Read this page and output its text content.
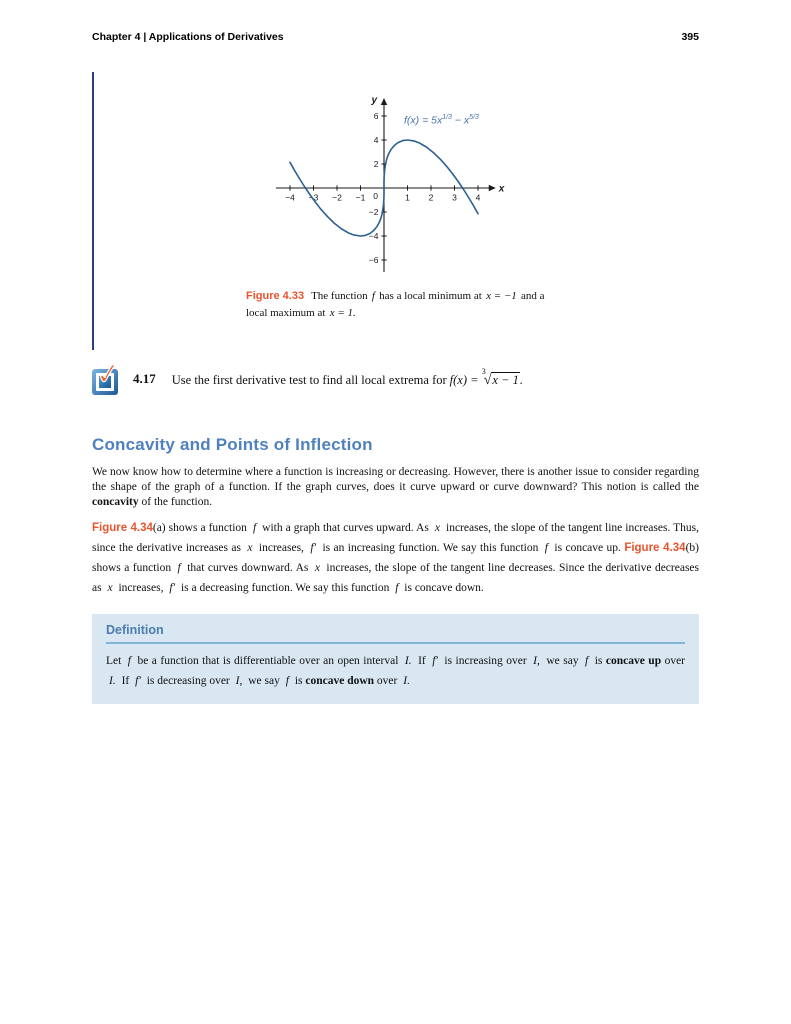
Chapter 4 | Applications of Derivatives	395
−4 −3 −2 −1	1 2 3 4
−6
−4
−2
2
4
6
0
x
y
$f(x) = 5x^{1/3} - x^{5/3}$
Figure 4.33 The function f has a local minimum at x = −1 and a local maximum at x = 1.
✓ 4.17 Use the first derivative test to find all local extrema for f(x) = $^3$√x − 1.
Concavity and Points of Inflection

We now know how to determine where a function is increasing or decreasing. However, there is another issue to consider regarding the shape of the graph of a function. If the graph curves, does it curve upward or curve downward? This notion is called the concavity of the function.

Figure 4.34(a) shows a function f with a graph that curves upward. As x increases, the slope of the tangent line increases. Thus, since the derivative increases as x increases, f′ is an increasing function. We say this function f is concave up. Figure 4.34(b) shows a function f that curves downward. As x increases, the slope of the tangent line decreases. Since the derivative decreases as x increases, f′ is a decreasing function. We say this function f is concave down.

Definition

Let f be a function that is differentiable over an open interval I. If f′ is increasing over I, we say f is concave up over I. If f′ is decreasing over I, we say f is concave down over I.
